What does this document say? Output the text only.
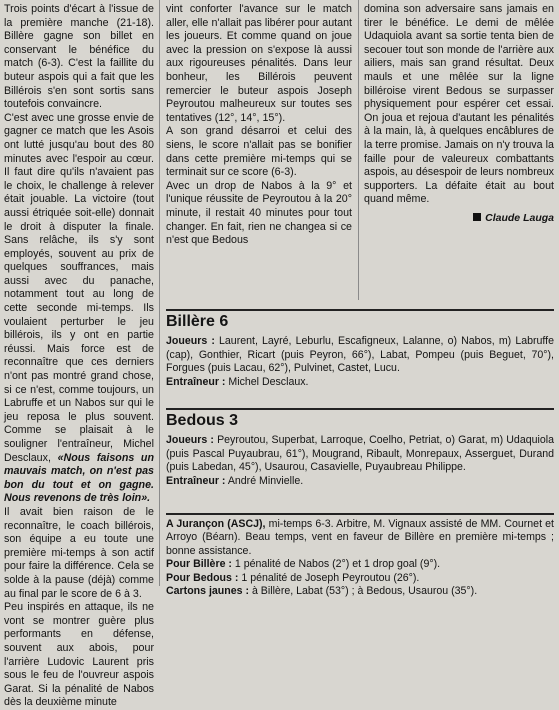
Trois points d'écart à l'issue de la première manche (21-18). Billère gagne son billet en conservant le bénéfice du match (6-3). C'est la faillite du buteur aspois qui a fait que les Billérois s'en sont sortis sans toutefois convaincre.

C'est avec une grosse envie de gagner ce match que les Asois ont lutté jusqu'au bout des 80 minutes avec l'espoir au cœur. Il faut dire qu'ils n'avaient pas le choix, le challenge à relever était jouable. La victoire (tout aussi étriquée soit-elle) donnait le droit à disputer la finale. Sans relâche, ils s'y sont employés, souvent au prix de quelques souffrances, mais aussi avec du panache, notamment tout au long de cette seconde mi-temps. Ils voulaient perturber le jeu billérois, ils y ont en partie réussi. Mais force est de reconnaître que ces derniers n'ont pas montré grand chose, si ce n'est, comme toujours, un Labruffe et un Nabos sur qui le jeu reposa le plus souvent. Comme se plaisait à le souligner l'entraîneur, Michel Desclaux, «Nous faisons un mauvais match, on n'est pas bon du tout et on gagne. Nous revenons de très loin».

Il avait bien raison de le reconnaître, le coach billérois, son équipe a eu toute une première mi-temps à son actif pour faire la différence. Cela se solde à la pause (déjà) comme au final par le score de 6 à 3.

Peu inspirés en attaque, ils ne vont se montrer guère plus performants en défense, souvent aux abois, pour l'arrière Ludovic Laurent pris sous le feu de l'ouvreur aspois Garat. Si la pénalité de Nabos dès la deuxième minute

vint conforter l'avance sur le match aller, elle n'allait pas libérer pour autant les joueurs. Et comme quand on joue avec la pression on s'expose là aussi aux rigoureuses pénalités. Dans leur bonheur, les Billérois peuvent remercier le buteur aspois Joseph Peyroutou malheureux sur toutes ses tentatives (12°, 14°, 15°).

A son grand désarroi et celui des siens, le score n'allait pas se bonifier dans cette première mi-temps qui se terminait sur ce score (6-3).

Avec un drop de Nabos à la 9° et l'unique réussite de Peyroutou à la 20° minute, il restait 40 minutes pour tout changer. En fait, rien ne changea si ce n'est que Bedous

domina son adversaire sans jamais en tirer le bénéfice. Le demi de mêlée Udaquiola avant sa sortie tenta bien de secouer tout son monde de l'arrière aux ailiers, mais san grand résultat. Deux mauls et une mêlée sur la ligne billéroise virent Bedous se surpasser physiquement pour espérer cet essai. On joua et rejoua d'autant les pénalités à la main, là, à quelques encâblures de la terre promise. Jamais on n'y trouva la faille pour de valeureux combattants aspois, au désespoir de leurs nombreux supporters. La défaite était au bout quand même.

Claude Lauga

Billère 6

Joueurs : Laurent, Layré, Leburlu, Escafigneux, Lalanne, o) Nabos, m) Labruffe (cap), Gonthier, Ricart (puis Peyron, 66°), Labat, Pompeu (puis Beguet, 70°), Forgues (puis Lacau, 62°), Pulvinet, Castet, Lucu.

Entraîneur : Michel Desclaux.

Bedous 3

Joueurs : Peyroutou, Superbat, Larroque, Coelho, Petriat, o) Garat, m) Udaquiola (puis Pascal Puyaubrau, 61°), Mougrand, Ribault, Monrepaux, Asserguet, Durand (puis Labedan, 45°), Usaurou, Casavielle, Puyaubreau Philippe.

Entraîneur : André Minvielle.

A Jurançon (ASCJ), mi-temps 6-3. Arbitre, M. Vignaux assisté de MM. Cournet et Arroyo (Béarn). Beau temps, vent en faveur de Billère en première mi-temps ; bonne assistance.

Pour Billère : 1 pénalité de Nabos (2°) et 1 drop goal (9°).

Pour Bedous : 1 pénalité de Joseph Peyroutou (26°).

Cartons jaunes : à Billère, Labat (53°) ; à Bedous, Usaurou (35°).
